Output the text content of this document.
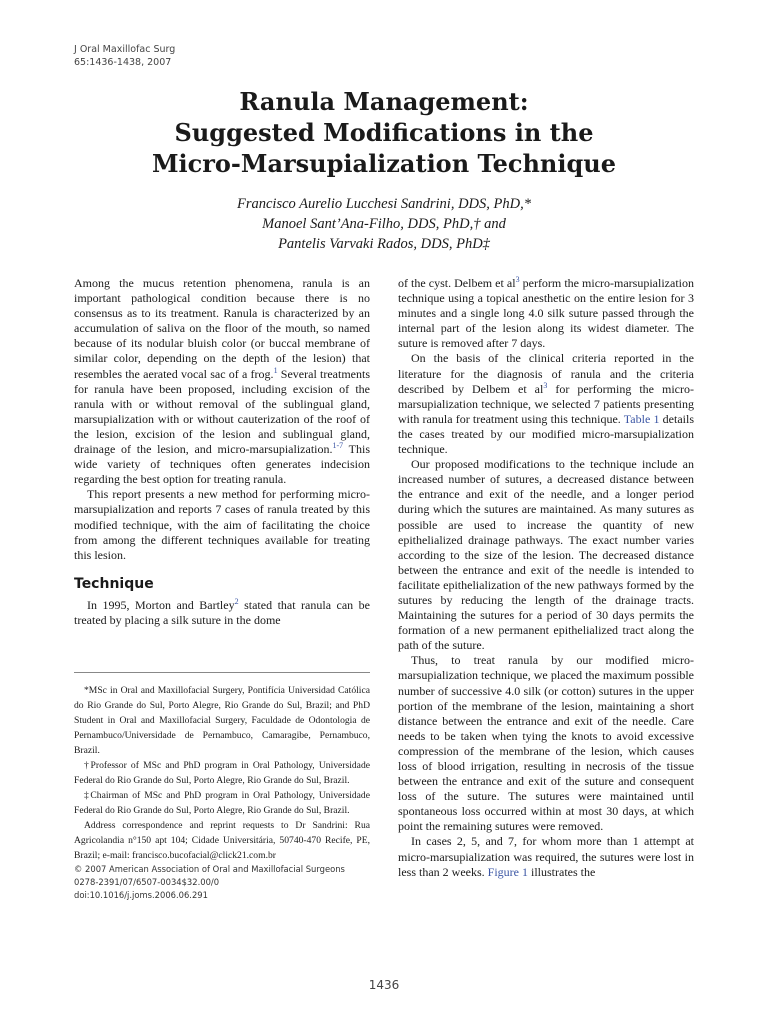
J Oral Maxillofac Surg
65:1436-1438, 2007
Ranula Management:
Suggested Modifications in the
Micro-Marsupialization Technique
Francisco Aurelio Lucchesi Sandrini, DDS, PhD,*
Manoel Sant’Ana-Filho, DDS, PhD,† and
Pantelis Varvaki Rados, DDS, PhD‡

Among the mucus retention phenomena, ranula is an important pathological condition because there is no consensus as to its treatment. Ranula is characterized by an accumulation of saliva on the floor of the mouth, so named because of its nodular bluish color (or buccal membrane of similar color, depending on the depth of the lesion) that resembles the aerated vocal sac of a frog.$^1$ Several treatments for ranula have been proposed, including excision of the ranula with or without removal of the sublingual gland, marsupialization with or without cauterization of the roof of the lesion, excision of the lesion and sublingual gland, drainage of the lesion, and micro-marsupialization.$^{1-7}$ This wide variety of techniques often generates indecision regarding the best option for treating ranula.

This report presents a new method for performing micro-marsupialization and reports 7 cases of ranula treated by this modified technique, with the aim of facilitating the choice from among the different techniques available for treating this lesion.

Technique

In 1995, Morton and Bartley$^2$ stated that ranula can be treated by placing a silk suture in the dome

of the cyst. Delbem et al$^3$ perform the micro-marsupialization technique using a topical anesthetic on the entire lesion for 3 minutes and a single long 4.0 silk suture passed through the internal part of the lesion along its widest diameter. The suture is removed after 7 days.

On the basis of the clinical criteria reported in the literature for the diagnosis of ranula and the criteria described by Delbem et al$^3$ for performing the micro-marsupialization technique, we selected 7 patients presenting with ranula for treatment using this technique. Table 1 details the cases treated by our modified micro-marsupialization technique.

Our proposed modifications to the technique include an increased number of sutures, a decreased distance between the entrance and exit of the needle, and a longer period during which the sutures are maintained. As many sutures as possible are used to increase the quantity of new epithelialized drainage pathways. The exact number varies according to the size of the lesion. The decreased distance between the entrance and exit of the needle is intended to facilitate epithelialization of the new pathways formed by the sutures by reducing the length of the drainage tracts. Maintaining the sutures for a period of 30 days permits the formation of a new permanent epithelialized tract along the path of the suture.

Thus, to treat ranula by our modified micro-marsupialization technique, we placed the maximum possible number of successive 4.0 silk (or cotton) sutures in the upper portion of the membrane of the lesion, maintaining a short distance between the entrance and exit of the needle. Care needs to be taken when tying the knots to avoid excessive compression of the membrane of the lesion, which causes loss of blood irrigation, resulting in necrosis of the tissue between the entrance and exit of the suture and consequent loss of the suture. The sutures were maintained until spontaneous loss occurred within at most 30 days, at which point the remaining sutures were removed.

In cases 2, 5, and 7, for whom more than 1 attempt at micro-marsupialization was required, the sutures were lost in less than 2 weeks. Figure 1 illustrates the

*MSc in Oral and Maxillofacial Surgery, Pontifícia Universidad Católica do Rio Grande do Sul, Porto Alegre, Rio Grande do Sul, Brazil; and PhD Student in Oral and Maxillofacial Surgery, Faculdade de Odontologia de Pernambuco/Universidade de Pernambuco, Camaragibe, Pernambuco, Brazil.

†Professor of MSc and PhD program in Oral Pathology, Universidade Federal do Rio Grande do Sul, Porto Alegre, Rio Grande do Sul, Brazil.

‡Chairman of MSc and PhD program in Oral Pathology, Universidade Federal do Rio Grande do Sul, Porto Alegre, Rio Grande do Sul, Brazil.

Address correspondence and reprint requests to Dr Sandrini: Rua Agricolandia n°150 apt 104; Cidade Universitária, 50740-470 Recife, PE, Brazil; e-mail: francisco.bucofacial@click21.com.br

© 2007 American Association of Oral and Maxillofacial Surgeons

0278-2391/07/6507-0034$32.00/0

doi:10.1016/j.joms.2006.06.291

1436
